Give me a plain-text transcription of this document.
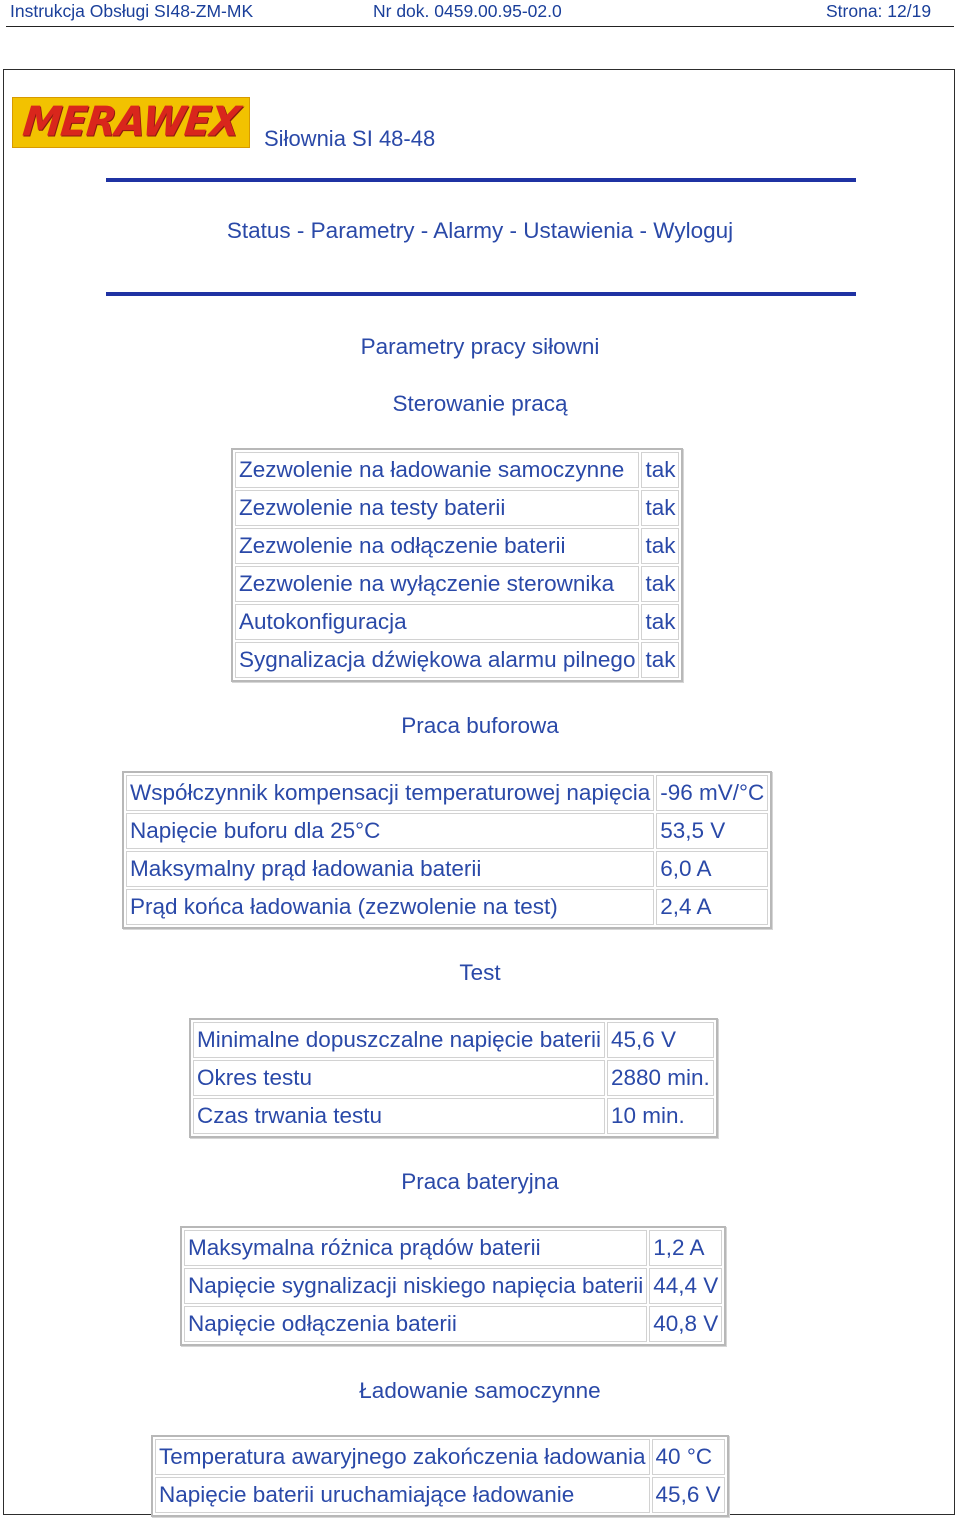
Instrukcja Obsługi SI48-ZM-MK	Nr dok. 0459.00.95-02.0	Strona: 12/19
MERAWEX Siłownia SI 48-48
Status - Parametry - Alarmy - Ustawienia - Wyloguj
Parametry pracy siłowni
Sterowanie pracą
Zezwolenie na ładowanie samoczynne	tak
Zezwolenie na testy baterii	tak
Zezwolenie na odłączenie baterii	tak
Zezwolenie na wyłączenie sterownika	tak
Autokonfiguracja	tak
Sygnalizacja dźwiękowa alarmu pilnego	tak
Praca buforowa
Współczynnik kompensacji temperaturowej napięcia	-96 mV/°C
Napięcie buforu dla 25°C	53,5 V
Maksymalny prąd ładowania baterii	6,0 A
Prąd końca ładowania (zezwolenie na test)	2,4 A
Test
Minimalne dopuszczalne napięcie baterii	45,6 V
Okres testu	2880 min.
Czas trwania testu	10 min.
Praca bateryjna
Maksymalna różnica prądów baterii	1,2 A
Napięcie sygnalizacji niskiego napięcia baterii	44,4 V
Napięcie odłączenia baterii	40,8 V
Ładowanie samoczynne
Temperatura awaryjnego zakończenia ładowania	40 °C
Napięcie baterii uruchamiające ładowanie	45,6 V
